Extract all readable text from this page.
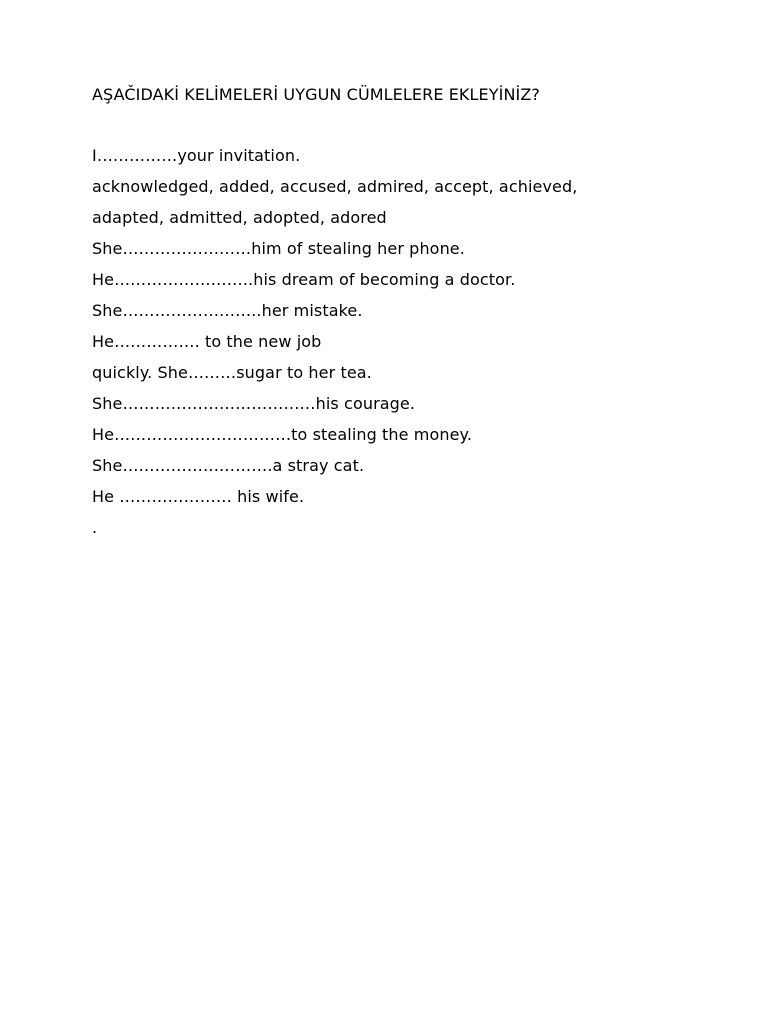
AŞAČIDAKİ KELİMELERİ UYGUN CÜMLELERE EKLEYİNİZ?
I……………your invitation.
acknowledged, added, accused, admired, accept, achieved,
adapted, admitted, adopted, adored
She……………………him of stealing her phone.
He……………………..his dream of becoming a doctor.
She……………………..her mistake.
He……………. to the new job
quickly. She………sugar to her tea.
She………………………………his courage.
He……………………………to stealing the money.
She……………………….a stray cat.
He ………………… his wife.
.
